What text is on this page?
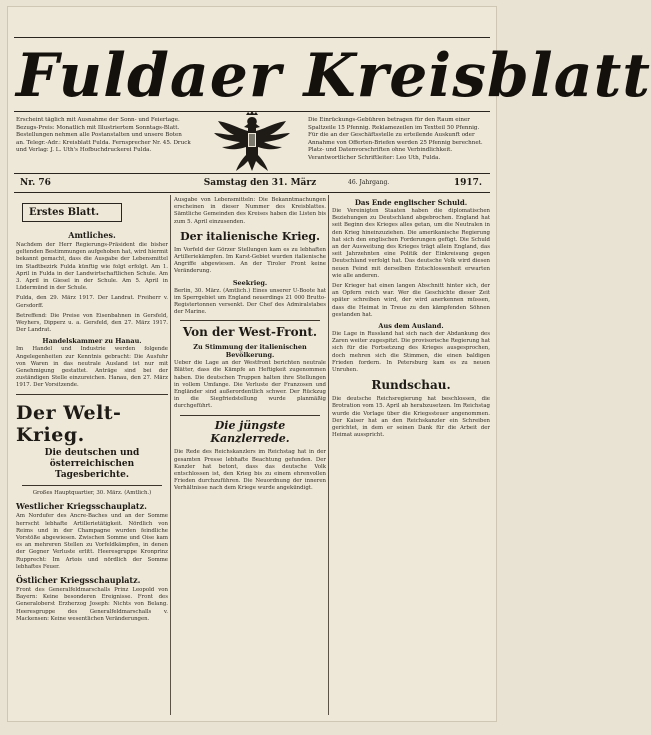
Fuldaer Kreisblatt
Erscheint täglich mit Ausnahme der Sonn- und Feiertage. Bezugs-Preis: Monatlich mit Illustriertem Sonntags-Blatt. Bestellungen nehmen alle Postanstalten und unsere Boten an. Telegr.-Adr.: Kreisblatt Fulda. Fernsprecher Nr. 45. Druck und Verlag: J. L. Uth's Hofbuchdruckerei Fulda.
Die Einrückungs-Gebühren betragen für den Raum einer Spaltzeile 15 Pfennig. Reklamezeilen im Textteil 50 Pfennig. Für die an der Geschäftsstelle zu erteilende Auskunft oder Annahme von Offerten-Briefen werden 25 Pfennig berechnet. Platz- und Datenvorschriften ohne Verbindlichkeit. Verantwortlicher Schriftleiter: Leo Uth, Fulda.
Nr. 76	Samstag den 31. März	46. Jahrgang.	1917.
Erstes Blatt.
Amtliches.

Nachdem der Herr Regierungs-Präsident die bisher geltenden Bestimmungen aufgehoben hat, wird hiermit bekannt gemacht, dass die Ausgabe der Lebensmittel im Stadtbezirk Fulda künftig wie folgt erfolgt. Am 1. April in Fulda in der Landwirtschaftlichen Schule. Am 3. April in Giesel in der Schule. Am 5. April in Lüdermünd in der Schule.

Fulda, den 29. März 1917. Der Landrat. Freiherr v. Gersdorff.

Betreffend: Die Preise von Eisenbahnen in Gersfeld, Weyhers, Dipperz u. a. Gersfeld, den 27. März 1917. Der Landrat.

Handelskammer zu Hanau.

Im Handel und Industrie werden folgende Angelegenheiten zur Kenntnis gebracht: Die Ausfuhr von Waren in das neutrale Ausland ist nur mit Genehmigung gestattet. Anträge sind bei der zuständigen Stelle einzureichen. Hanau, den 27. März 1917. Der Vorsitzende.

Der Welt-Krieg.
Die deutschen und österreichischen Tagesberichte.

Großes Hauptquartier, 30. März. (Amtlich.)

Westlicher Kriegsschauplatz.

Am Nordufer des Ancre-Baches und an der Somme herrscht lebhafte Artillerietätigkeit. Nördlich von Reims und in der Champagne wurden feindliche Vorstöße abgewiesen. Zwischen Somme und Oise kam es an mehreren Stellen zu Vorfeldkämpfen, in denen der Gegner Verluste erlitt. Heeresgruppe Kronprinz Rupprecht: Im Artois und nördlich der Somme lebhaftes Feuer.

Östlicher Kriegsschauplatz.

Front des Generalfeldmarschalls Prinz Leopold von Bayern: Keine besonderen Ereignisse. Front des Generaloberst Erzherzog Joseph: Nichts von Belang. Heeresgruppe des Generalfeldmarschalls v. Mackensen: Keine wesentlichen Veränderungen.

Ausgabe von Lebensmitteln: Die Bekanntmachungen erscheinen in dieser Nummer des Kreisblattes. Sämtliche Gemeinden des Kreises haben die Listen bis zum 5. April einzusenden.

Der italienische Krieg.

Im Vorfeld der Görzer Stellungen kam es zu lebhaften Artilleriekämpfen. Im Karst-Gebiet wurden italienische Angriffe abgewiesen. An der Tiroler Front keine Veränderung.

Seekrieg.

Berlin, 30. März. (Amtlich.) Eines unserer U-Boote hat im Sperrgebiet um England neuerdings 21 000 Brutto-Registertonnen versenkt. Der Chef des Admiralstabes der Marine.

Von der West-Front.
Zu Stimmung der italienischen Bevölkerung.

Ueber die Lage an der Westfront berichten neutrale Blätter, dass die Kämpfe an Heftigkeit zugenommen haben. Die deutschen Truppen halten ihre Stellungen in vollem Umfange. Die Verluste der Franzosen und Engländer sind außerordentlich schwer. Der Rückzug in die Siegfriedstellung wurde planmäßig durchgeführt.

Die jüngste Kanzlerrede.

Die Rede des Reichskanzlers im Reichstag hat in der gesamten Presse lebhafte Beachtung gefunden. Der Kanzler hat betont, dass das deutsche Volk entschlossen ist, den Krieg bis zu einem ehrenvollen Frieden durchzuführen. Die Neuordnung der inneren Verhältnisse nach dem Kriege wurde angekündigt.

Das Ende englischer Schuld.

Die Vereinigten Staaten haben die diplomatischen Beziehungen zu Deutschland abgebrochen. England hat seit Beginn des Krieges alles getan, um die Neutralen in den Krieg hineinzuziehen. Die amerikanische Regierung hat sich den englischen Forderungen gefügt. Die Schuld an der Ausweitung des Krieges trägt allein England, das seit Jahrzehnten eine Politik der Einkreisung gegen Deutschland verfolgt hat. Das deutsche Volk wird diesen neuen Feind mit derselben Entschlossenheit erwarten wie alle anderen.

Der Krieger hat einen langen Abschnitt hinter sich, der an Opfern reich war. Wer die Geschichte dieser Zeit später schreiben wird, der wird anerkennen müssen, dass die Heimat in Treue zu den kämpfenden Söhnen gestanden hat.

Aus dem Ausland.

Die Lage in Russland hat sich nach der Abdankung des Zaren weiter zugespitzt. Die provisorische Regierung hat sich für die Fortsetzung des Krieges ausgesprochen, doch mehren sich die Stimmen, die einen baldigen Frieden fordern. In Petersburg kam es zu neuen Unruhen.

Rundschau.

Die deutsche Reichsregierung hat beschlossen, die Brotration vom 15. April ab herabzusetzen. Im Reichstag wurde die Vorlage über die Kriegssteuer angenommen. Der Kaiser hat an den Reichskanzler ein Schreiben gerichtet, in dem er seinen Dank für die Arbeit der Heimat ausspricht.
